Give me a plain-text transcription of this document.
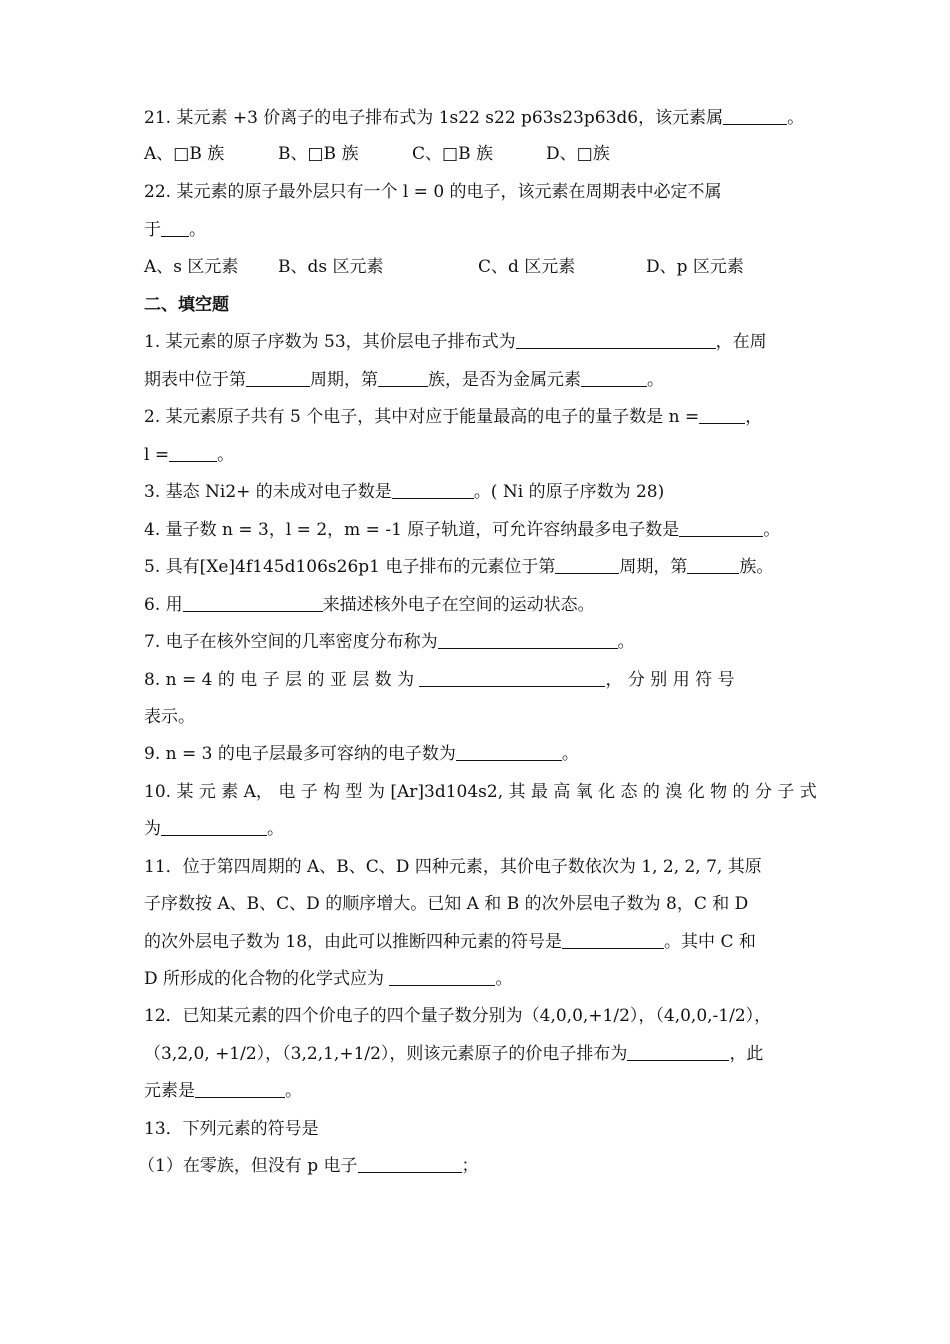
21. 某元素 +3 价离子的电子排布式为 1s22 s22 p63s23p63d6，该元素属	。
A、□B 族	B、□B 族	C、□B 族	D、□族
22. 某元素的原子最外层只有一个 l = 0 的电子，该元素在周期表中必定不属
于 。
A、s 区元素 B、ds 区元素	C、d 区元素	D、p 区元素
二、填空题
1. 某元素的原子序数为 53，其价层电子排布式为	，在周
期表中位于第	周期，第	族，是否为金属元素	。
2. 某元素原子共有 5 个电子，其中对应于能量最高的电子的量子数是 n =	，
l =	。
3. 基态 Ni2+ 的未成对电子数是	。( Ni 的原子序数为 28)
4. 量子数 n = 3，l = 2，m = -1 原子轨道，可允许容纳最多电子数是	。
5. 具有[Xe]4f145d106s26p1 电子排布的元素位于第	周期，第	族。
6. 用	来描述核外电子在空间的运动状态。
7. 电子在核外空间的几率密度分布称为	。
8. n = 4 的 电 子 层 的 亚 层 数 为	， 分 别 用 符 号
表示。
9. n = 3 的电子层最多可容纳的电子数为	。
10. 某 元 素 A， 电 子 构 型 为 [Ar]3d104s2, 其 最 高 氧 化 态 的 溴 化 物 的 分 子 式
为	。
11．位于第四周期的 A、B、C、D 四种元素，其价电子数依次为 1, 2, 2, 7, 其原
子序数按 A、B、C、D 的顺序增大。已知 A 和 B 的次外层电子数为 8，C 和 D
的次外层电子数为 18，由此可以推断四种元素的符号是	。其中 C 和
D 所形成的化合物的化学式应为	。
12．已知某元素的四个价电子的四个量子数分别为（4,0,0,+1/2），（4,0,0,-1/2），
（3,2,0, +1/2），（3,2,1,+1/2），则该元素原子的价电子排布为	，此
元素是	。
13．下列元素的符号是
（1）在零族，但没有 p 电子	；
